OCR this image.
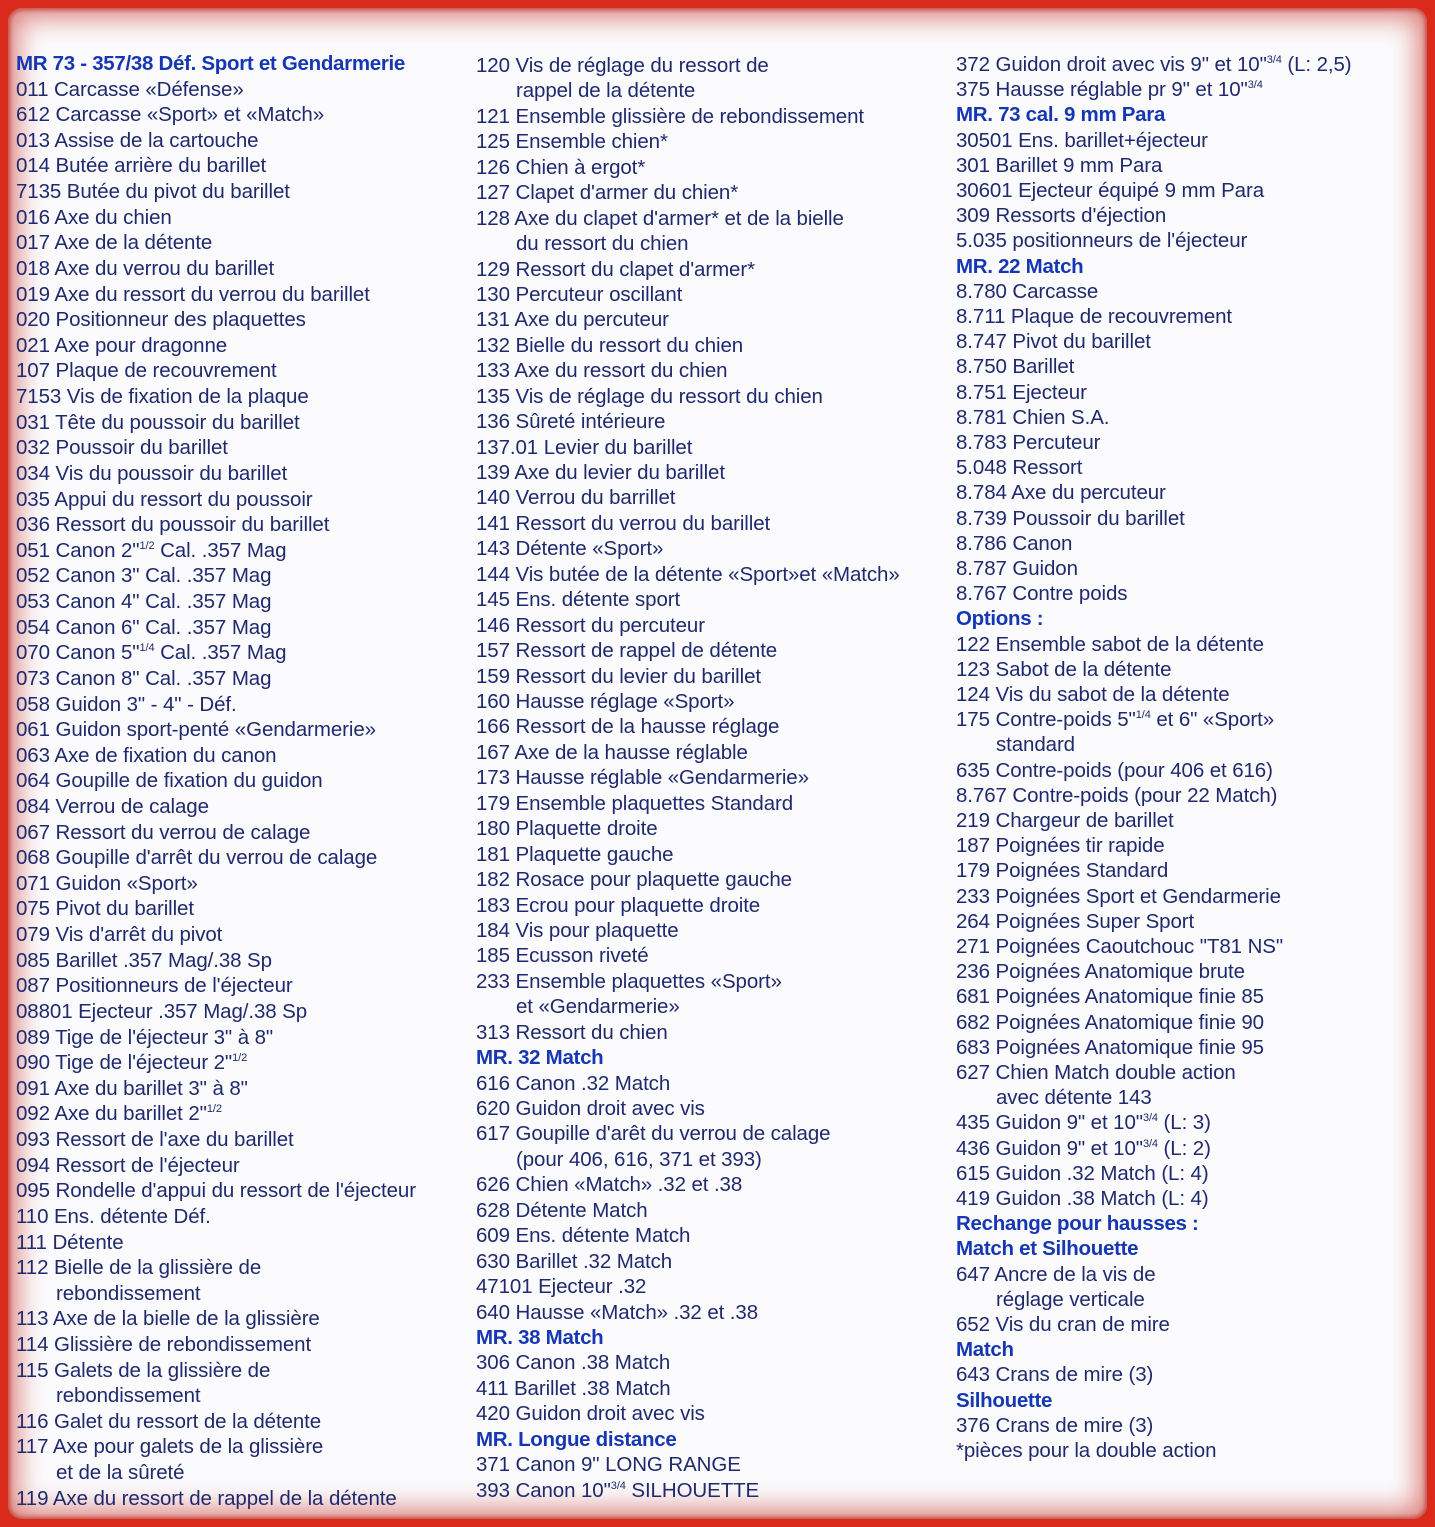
MR 73 - 357/38 Déf. Sport et Gendarmerie
011 Carcasse «Défense»
612 Carcasse «Sport» et «Match»
013 Assise de la cartouche
014 Butée arrière du barillet
7135 Butée du pivot du barillet
016 Axe du chien
017 Axe de la détente
018 Axe du verrou du barillet
019 Axe du ressort du verrou du barillet
020 Positionneur des plaquettes
021 Axe pour dragonne
107 Plaque de recouvrement
7153 Vis de fixation de la plaque
031 Tête du poussoir du barillet
032 Poussoir du barillet
034 Vis du poussoir du barillet
035 Appui du ressort du poussoir
036 Ressort du poussoir du barillet
051 Canon 2"$^{1/2}$ Cal. .357 Mag
052 Canon 3" Cal. .357 Mag
053 Canon 4" Cal. .357 Mag
054 Canon 6" Cal. .357 Mag
070 Canon 5"$^{1/4}$ Cal. .357 Mag
073 Canon 8" Cal. .357 Mag
058 Guidon 3" - 4" - Déf.
061 Guidon sport-penté «Gendarmerie»
063 Axe de fixation du canon
064 Goupille de fixation du guidon
084 Verrou de calage
067 Ressort du verrou de calage
068 Goupille d'arrêt du verrou de calage
071 Guidon «Sport»
075 Pivot du barillet
079 Vis d'arrêt du pivot
085 Barillet .357 Mag/.38 Sp
087 Positionneurs de l'éjecteur
08801 Ejecteur .357 Mag/.38 Sp
089 Tige de l'éjecteur 3" à 8"
090 Tige de l'éjecteur 2"$^{1/2}$
091 Axe du barillet 3" à 8"
092 Axe du barillet 2"$^{1/2}$
093 Ressort de l'axe du barillet
094 Ressort de l'éjecteur
095 Rondelle d'appui du ressort de l'éjecteur
110 Ens. détente Déf.
111 Détente
112 Bielle de la glissière de
rebondissement
113 Axe de la bielle de la glissière
114 Glissière de rebondissement
115 Galets de la glissière de
rebondissement
116 Galet du ressort de la détente
117 Axe pour galets de la glissière
et de la sûreté
119 Axe du ressort de rappel de la détente
120 Vis de réglage du ressort de
rappel de la détente
121 Ensemble glissière de rebondissement
125 Ensemble chien*
126 Chien à ergot*
127 Clapet d'armer du chien*
128 Axe du clapet d'armer* et de la bielle
du ressort du chien
129 Ressort du clapet d'armer*
130 Percuteur oscillant
131 Axe du percuteur
132 Bielle du ressort du chien
133 Axe du ressort du chien
135 Vis de réglage du ressort du chien
136 Sûreté intérieure
137.01 Levier du barillet
139 Axe du levier du barillet
140 Verrou du barrillet
141 Ressort du verrou du barillet
143 Détente «Sport»
144 Vis butée de la détente «Sport»et «Match»
145 Ens. détente sport
146 Ressort du percuteur
157 Ressort de rappel de détente
159 Ressort du levier du barillet
160 Hausse réglage «Sport»
166 Ressort de la hausse réglage
167 Axe de la hausse réglable
173 Hausse réglable «Gendarmerie»
179 Ensemble plaquettes Standard
180 Plaquette droite
181 Plaquette gauche
182 Rosace pour plaquette gauche
183 Ecrou pour plaquette droite
184 Vis pour plaquette
185 Ecusson riveté
233 Ensemble plaquettes «Sport»
et «Gendarmerie»
313 Ressort du chien
MR. 32 Match
616 Canon .32 Match
620 Guidon droit avec vis
617 Goupille d'arêt du verrou de calage
(pour 406, 616, 371 et 393)
626 Chien «Match» .32 et .38
628 Détente Match
609 Ens. détente Match
630 Barillet .32 Match
47101 Ejecteur .32
640 Hausse «Match» .32 et .38
MR. 38 Match
306 Canon .38 Match
411 Barillet .38 Match
420 Guidon droit avec vis
MR. Longue distance
371 Canon 9" LONG RANGE
393 Canon 10"$^{3/4}$ SILHOUETTE
372 Guidon droit avec vis 9" et 10"$^{3/4}$ (L: 2,5)
375 Hausse réglable pr 9" et 10"$^{3/4}$
MR. 73 cal. 9 mm Para
30501 Ens. barillet+éjecteur
301 Barillet 9 mm Para
30601 Ejecteur équipé 9 mm Para
309 Ressorts d'éjection
5.035 positionneurs de l'éjecteur
MR. 22 Match
8.780 Carcasse
8.711 Plaque de recouvrement
8.747 Pivot du barillet
8.750 Barillet
8.751 Ejecteur
8.781 Chien S.A.
8.783 Percuteur
5.048 Ressort
8.784 Axe du percuteur
8.739 Poussoir du barillet
8.786 Canon
8.787 Guidon
8.767 Contre poids
Options :
122 Ensemble sabot de la détente
123 Sabot de la détente
124 Vis du sabot de la détente
175 Contre-poids 5"$^{1/4}$ et 6" «Sport»
standard
635 Contre-poids (pour 406 et 616)
8.767 Contre-poids (pour 22 Match)
219 Chargeur de barillet
187 Poignées tir rapide
179 Poignées Standard
233 Poignées Sport et Gendarmerie
264 Poignées Super Sport
271 Poignées Caoutchouc "T81 NS"
236 Poignées Anatomique brute
681 Poignées Anatomique finie 85
682 Poignées Anatomique finie 90
683 Poignées Anatomique finie 95
627 Chien Match double action
avec détente 143
435 Guidon 9" et 10"$^{3/4}$ (L: 3)
436 Guidon 9" et 10"$^{3/4}$ (L: 2)
615 Guidon .32 Match (L: 4)
419 Guidon .38 Match (L: 4)
Rechange pour hausses :
Match et Silhouette
647 Ancre de la vis de
réglage verticale
652 Vis du cran de mire
Match
643 Crans de mire (3)
Silhouette
376 Crans de mire (3)
*pièces pour la double action
